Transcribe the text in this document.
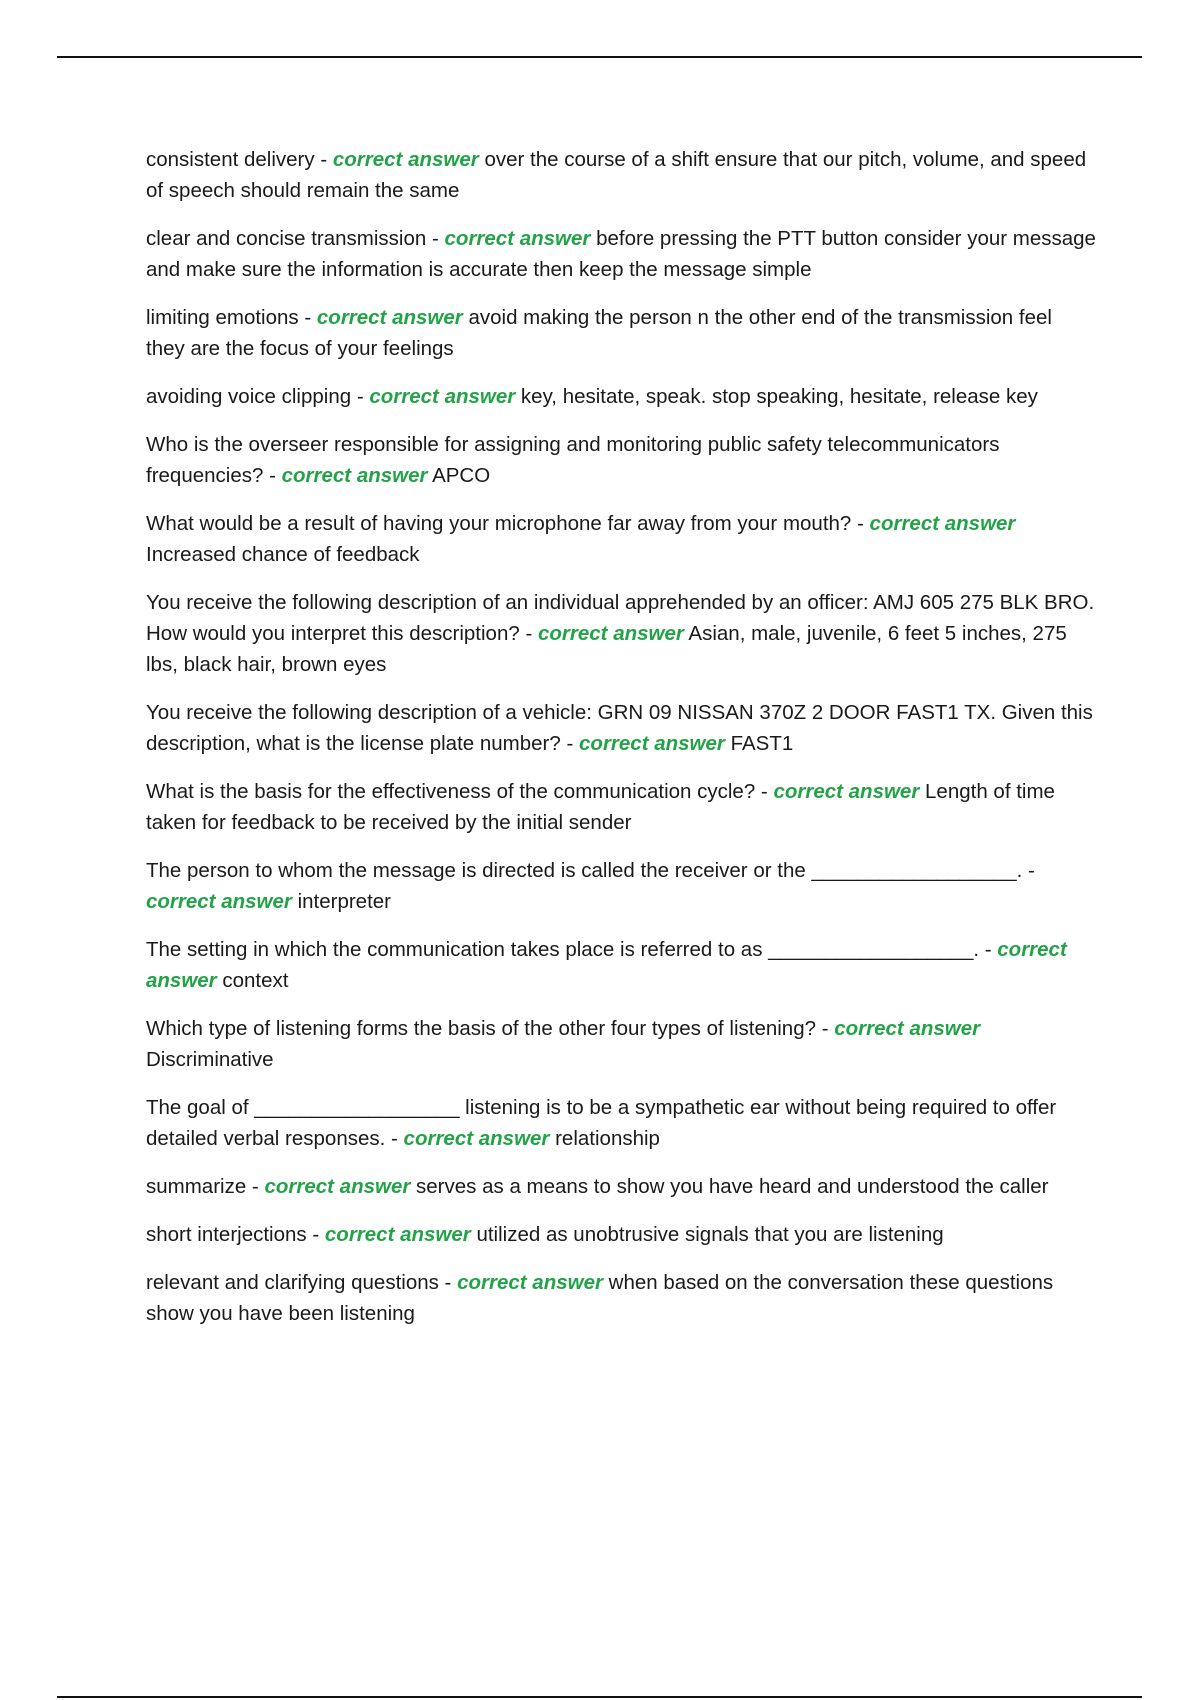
consistent delivery - correct answer over the course of a shift ensure that our pitch, volume, and speed of speech should remain the same

clear and concise transmission - correct answer before pressing the PTT button consider your message and make sure the information is accurate then keep the message simple

limiting emotions - correct answer avoid making the person n the other end of the transmission feel they are the focus of your feelings

avoiding voice clipping - correct answer key, hesitate, speak. stop speaking, hesitate, release key

Who is the overseer responsible for assigning and monitoring public safety telecommunicators frequencies? - correct answer APCO

What would be a result of having your microphone far away from your mouth? - correct answer Increased chance of feedback

You receive the following description of an individual apprehended by an officer: AMJ 605 275 BLK BRO. How would you interpret this description? - correct answer Asian, male, juvenile, 6 feet 5 inches, 275 lbs, black hair, brown eyes

You receive the following description of a vehicle: GRN 09 NISSAN 370Z 2 DOOR FAST1 TX. Given this description, what is the license plate number? - correct answer FAST1

What is the basis for the effectiveness of the communication cycle? - correct answer Length of time taken for feedback to be received by the initial sender

The person to whom the message is directed is called the receiver or the __________________. - correct answer interpreter

The setting in which the communication takes place is referred to as __________________. - correct answer context

Which type of listening forms the basis of the other four types of listening? - correct answer Discriminative

The goal of __________________ listening is to be a sympathetic ear without being required to offer detailed verbal responses. - correct answer relationship

summarize - correct answer serves as a means to show you have heard and understood the caller

short interjections - correct answer utilized as unobtrusive signals that you are listening

relevant and clarifying questions - correct answer when based on the conversation these questions show you have been listening
